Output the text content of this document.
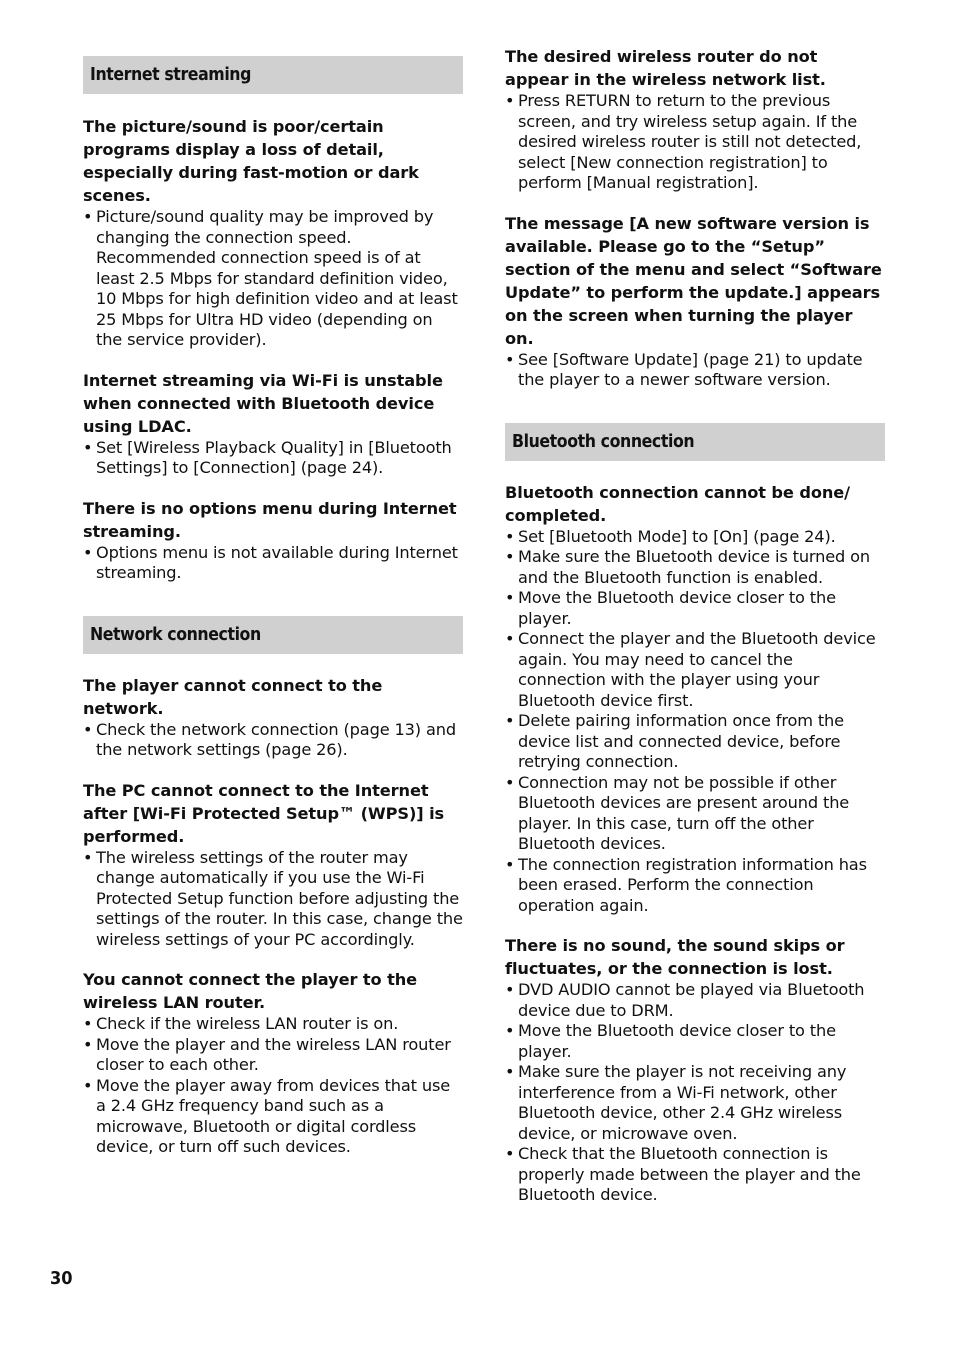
Internet streaming
The picture/sound is poor/certain programs display a loss of detail, especially during fast-motion or dark scenes.
• Picture/sound quality may be improved by changing the connection speed. Recommended connection speed is of at least 2.5 Mbps for standard definition video, 10 Mbps for high definition video and at least 25 Mbps for Ultra HD video (depending on the service provider).
Internet streaming via Wi-Fi is unstable when connected with Bluetooth device using LDAC.
• Set [Wireless Playback Quality] in [Bluetooth Settings] to [Connection] (page 24).
There is no options menu during Internet streaming.
• Options menu is not available during Internet streaming.
Network connection
The player cannot connect to the network.
• Check the network connection (page 13) and the network settings (page 26).
The PC cannot connect to the Internet after [Wi-Fi Protected Setup™ (WPS)] is performed.
• The wireless settings of the router may change automatically if you use the Wi-Fi Protected Setup function before adjusting the settings of the router. In this case, change the wireless settings of your PC accordingly.
You cannot connect the player to the wireless LAN router.
• Check if the wireless LAN router is on.
• Move the player and the wireless LAN router closer to each other.
• Move the player away from devices that use a 2.4 GHz frequency band such as a microwave, Bluetooth or digital cordless device, or turn off such devices.
The desired wireless router do not appear in the wireless network list.
• Press RETURN to return to the previous screen, and try wireless setup again. If the desired wireless router is still not detected, select [New connection registration] to perform [Manual registration].
The message [A new software version is available. Please go to the “Setup” section of the menu and select “Software Update” to perform the update.] appears on the screen when turning the player on.
• See [Software Update] (page 21) to update the player to a newer software version.
Bluetooth connection
Bluetooth connection cannot be done/ completed.
• Set [Bluetooth Mode] to [On] (page 24).
• Make sure the Bluetooth device is turned on and the Bluetooth function is enabled.
• Move the Bluetooth device closer to the player.
• Connect the player and the Bluetooth device again. You may need to cancel the connection with the player using your Bluetooth device first.
• Delete pairing information once from the device list and connected device, before retrying connection.
• Connection may not be possible if other Bluetooth devices are present around the player. In this case, turn off the other Bluetooth devices.
• The connection registration information has been erased. Perform the connection operation again.
There is no sound, the sound skips or fluctuates, or the connection is lost.
• DVD AUDIO cannot be played via Bluetooth device due to DRM.
• Move the Bluetooth device closer to the player.
• Make sure the player is not receiving any interference from a Wi-Fi network, other Bluetooth device, other 2.4 GHz wireless device, or microwave oven.
• Check that the Bluetooth connection is properly made between the player and the Bluetooth device.
30
